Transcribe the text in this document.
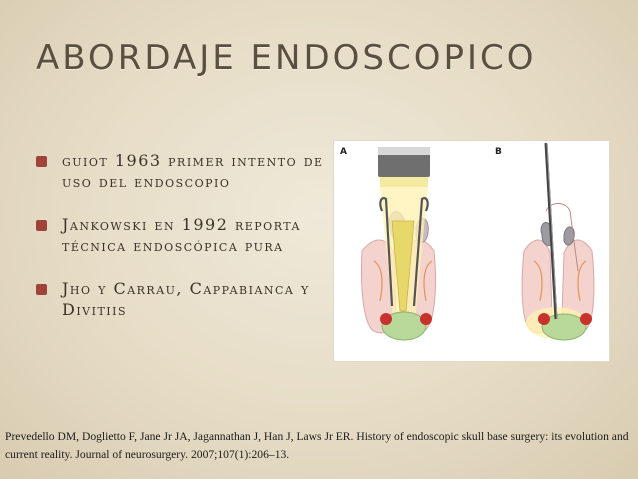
ABORDAJE ENDOSCOPICO
guiot 1963 primer intento de uso del endoscopio
Jankowski en 1992 reporta técnica endoscópica pura
Jho y Carrau, Cappabianca y Divitiis
A	B

Prevedello DM, Doglietto F, Jane Jr JA, Jagannathan J, Han J, Laws Jr ER. History of endoscopic skull base surgery: its evolution and current reality. Journal of neurosurgery. 2007;107(1):206–13.
